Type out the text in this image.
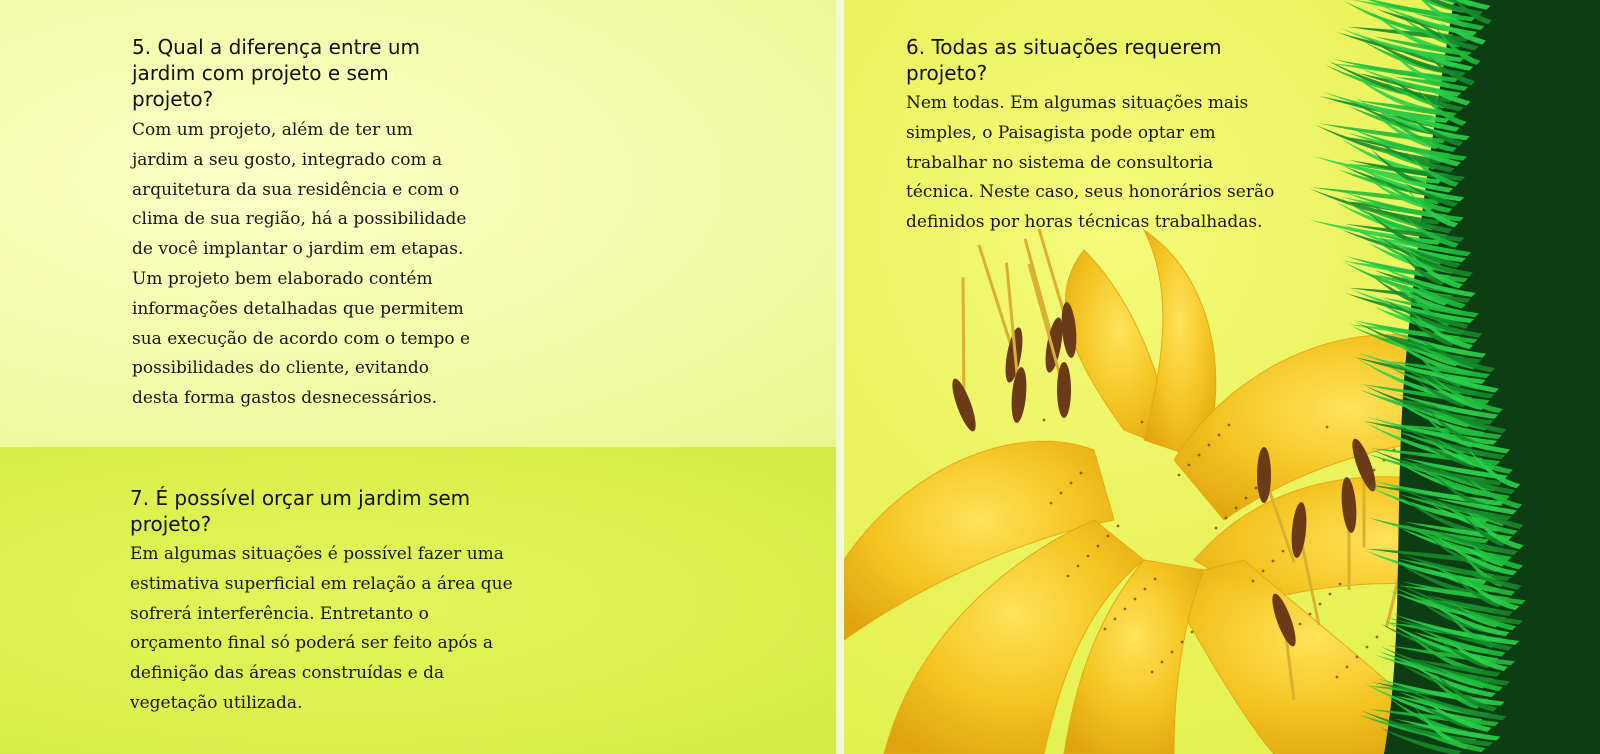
5. Qual a diferença entre um
jardim com projeto e sem
projeto?

Com um projeto, além de ter um
jardim a seu gosto, integrado com a
arquitetura da sua residência e com o
clima de sua região, há a possibilidade
de você implantar o jardim em etapas.
Um projeto bem elaborado contém
informações detalhadas que permitem
sua execução de acordo com o tempo e
possibilidades do cliente, evitando
desta forma gastos desnecessários.

7. É possível orçar um jardim sem
projeto?

Em algumas situações é possível fazer uma
estimativa superficial em relação a área que
sofrerá interferência. Entretanto o
orçamento final só poderá ser feito após a
definição das áreas construídas e da
vegetação utilizada.

6. Todas as situações requerem
projeto?

Nem todas. Em algumas situações mais
simples, o Paisagista pode optar em
trabalhar no sistema de consultoria
técnica. Neste caso, seus honorários serão
definidos por horas técnicas trabalhadas.
